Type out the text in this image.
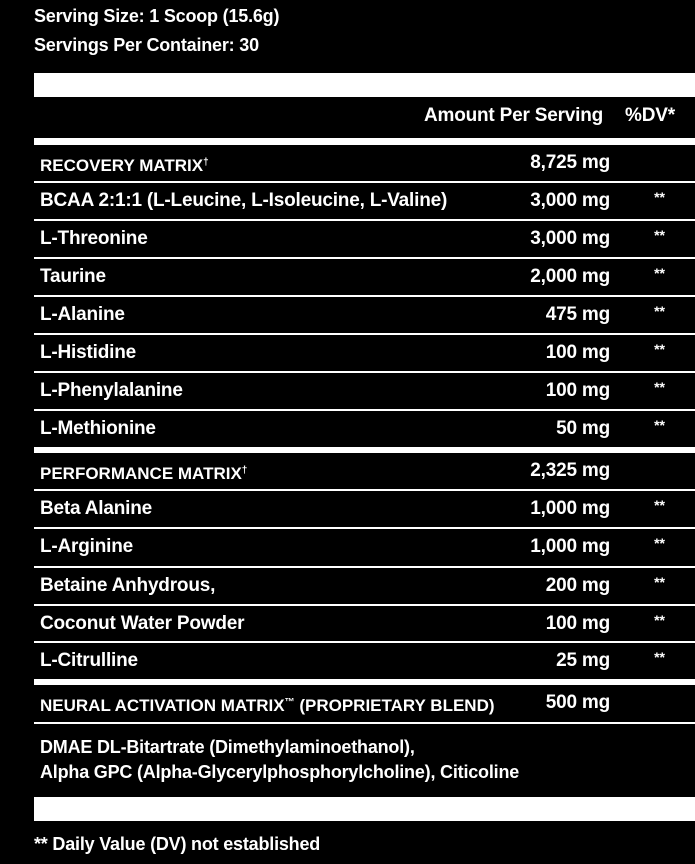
Serving Size: 1 Scoop (15.6g)
Servings Per Container: 30
Amount Per Serving %DV*
RECOVERY MATRIX†	8,725 mg
BCAA 2:1:1 (L-Leucine, L-Isoleucine, L-Valine)	3,000 mg	**
L-Threonine	3,000 mg	**
Taurine	2,000 mg	**
L-Alanine	475 mg	**
L-Histidine	100 mg	**
L-Phenylalanine	100 mg	**
L-Methionine	50 mg	**
PERFORMANCE MATRIX†	2,325 mg
Beta Alanine	1,000 mg	**
L-Arginine	1,000 mg	**
Betaine Anhydrous,	200 mg	**
Coconut Water Powder	100 mg	**
L-Citrulline	25 mg	**
NEURAL ACTIVATION MATRIX™ (PROPRIETARY BLEND)	500 mg
DMAE DL-Bitartrate (Dimethylaminoethanol),
Alpha GPC (Alpha-Glycerylphosphorylcholine), Citicoline
** Daily Value (DV) not established
